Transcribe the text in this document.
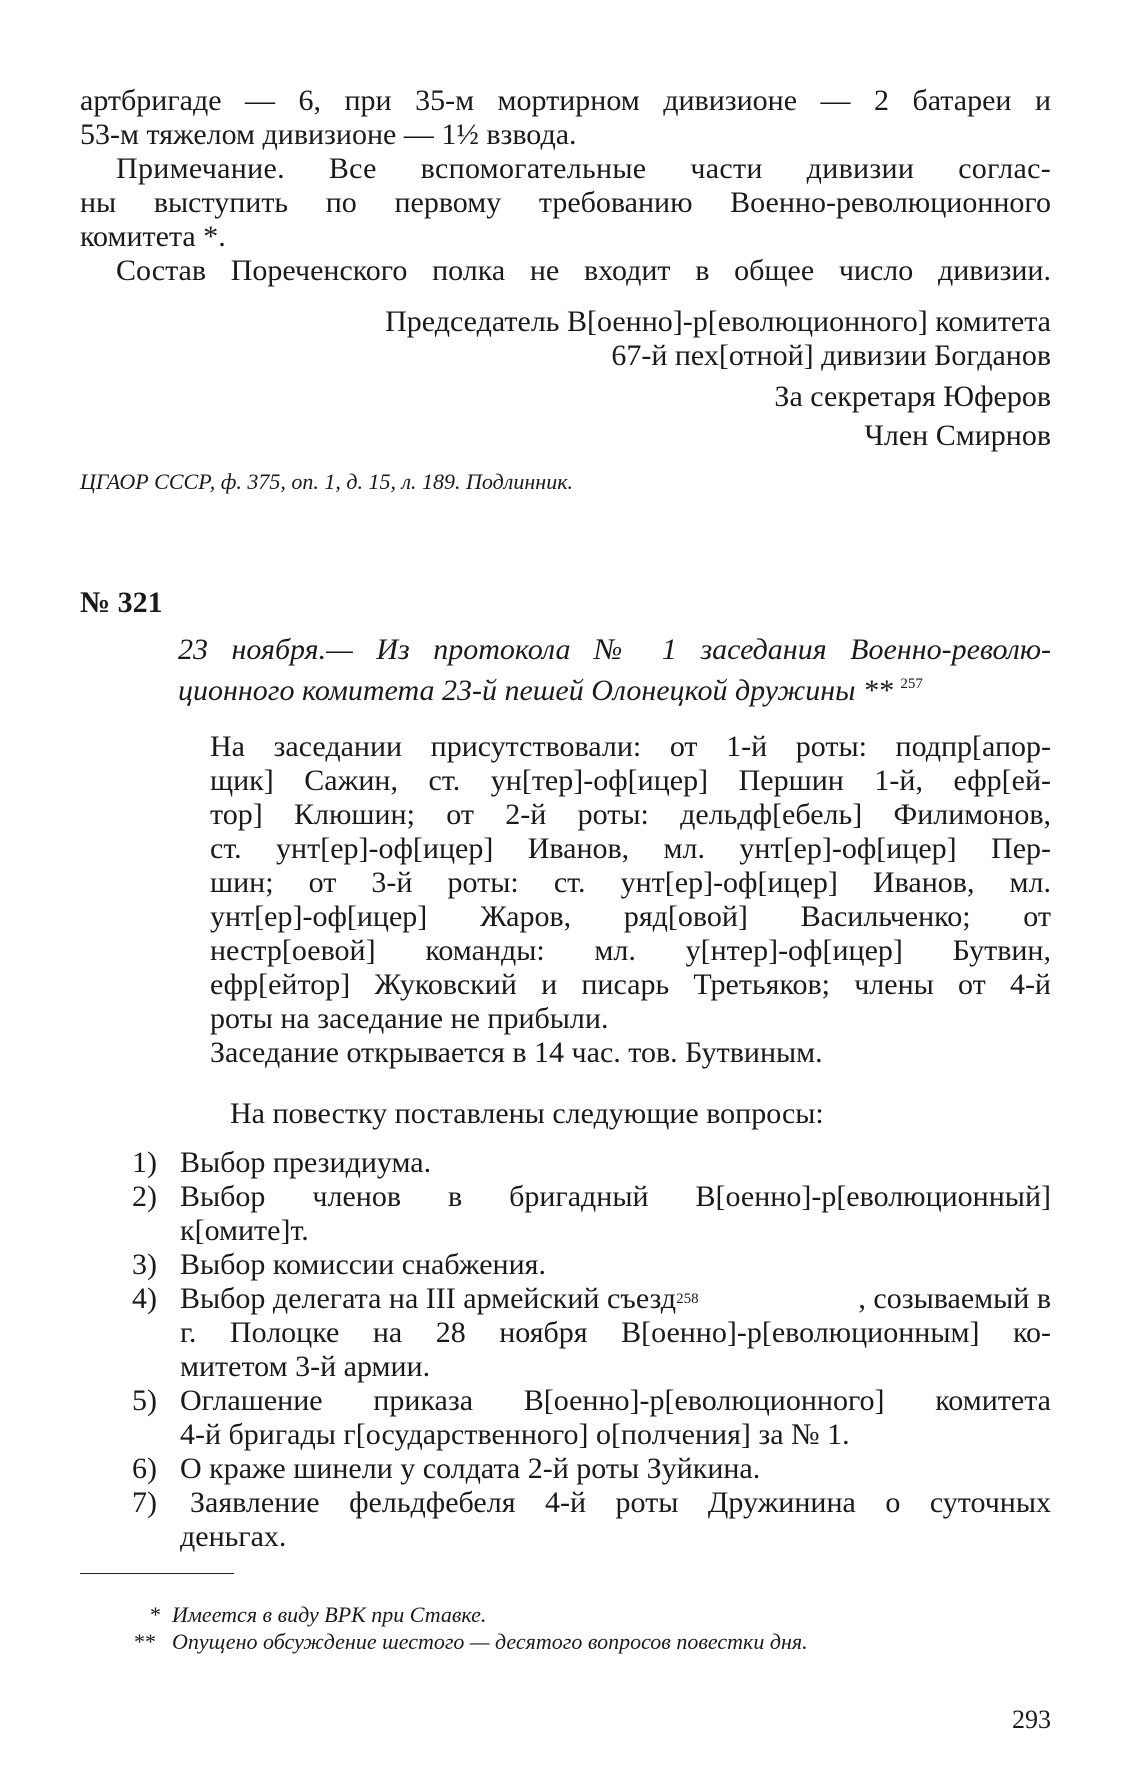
артбригаде — 6, при 35-м мортирном дивизионе — 2 батареи и
53-м тяжелом дивизионе — 1½ взвода.
Примечание. Все вспомогательные части дивизии соглас-
ны выступить по первому требованию Военно-революционного
комитета *.
Состав Пореченского полка не входит в общее число дивизии.
Председатель В[оенно]-р[еволюционного] комитета
67-й пех[отной] дивизии Богданов
За секретаря Юферов
Член Смирнов
ЦГАОР СССР, ф. 375, оп. 1, д. 15, л. 189. Подлинник.
№ 321
23 ноября.— Из протокола № 1 заседания Военно-револю-
ционного комитета 23-й пешей Олонецкой дружины ** $^{257}$
На заседании присутствовали: от 1-й роты: подпр[апор-
щик] Сажин, ст. ун[тер]-оф[ицер] Першин 1-й, ефр[ей-
тор] Клюшин; от 2-й роты: дельдф[ебель] Филимонов,
ст. унт[ер]-оф[ицер] Иванов, мл. унт[ер]-оф[ицер] Пер-
шин; от 3-й роты: ст. унт[ер]-оф[ицер] Иванов, мл.
унт[ер]-оф[ицер] Жаров, ряд[овой] Васильченко; от
нестр[оевой] команды: мл. у[нтер]-оф[ицер] Бутвин,
ефр[ейтор] Жуковский и писарь Третьяков; члены от 4-й
роты на заседание не прибыли.
Заседание открывается в 14 час. тов. Бутвиным.
На повестку поставлены следующие вопросы:
1) Выбор президиума.
2) Выбор членов в бригадный В[оенно]-р[еволюционный]
к[омите]т.
3) Выбор комиссии снабжения.
4) Выбор делегата на III армейский съезд 258	, созываемый в
г. Полоцке на 28 ноября В[оенно]-р[еволюционным] ко-
митетом 3-й армии.
5) Оглашение приказа В[оенно]-р[еволюционного] комитета
4-й бригады г[осударственного] о[полчения] за № 1.
6) О краже шинели у солдата 2-й роты Зуйкина.
7) Заявление фельдфебеля 4-й роты Дружинина о суточных
деньгах.
* Имеется в виду ВРК при Ставке.
** Опущено обсуждение шестого — десятого вопросов повестки дня.
293
